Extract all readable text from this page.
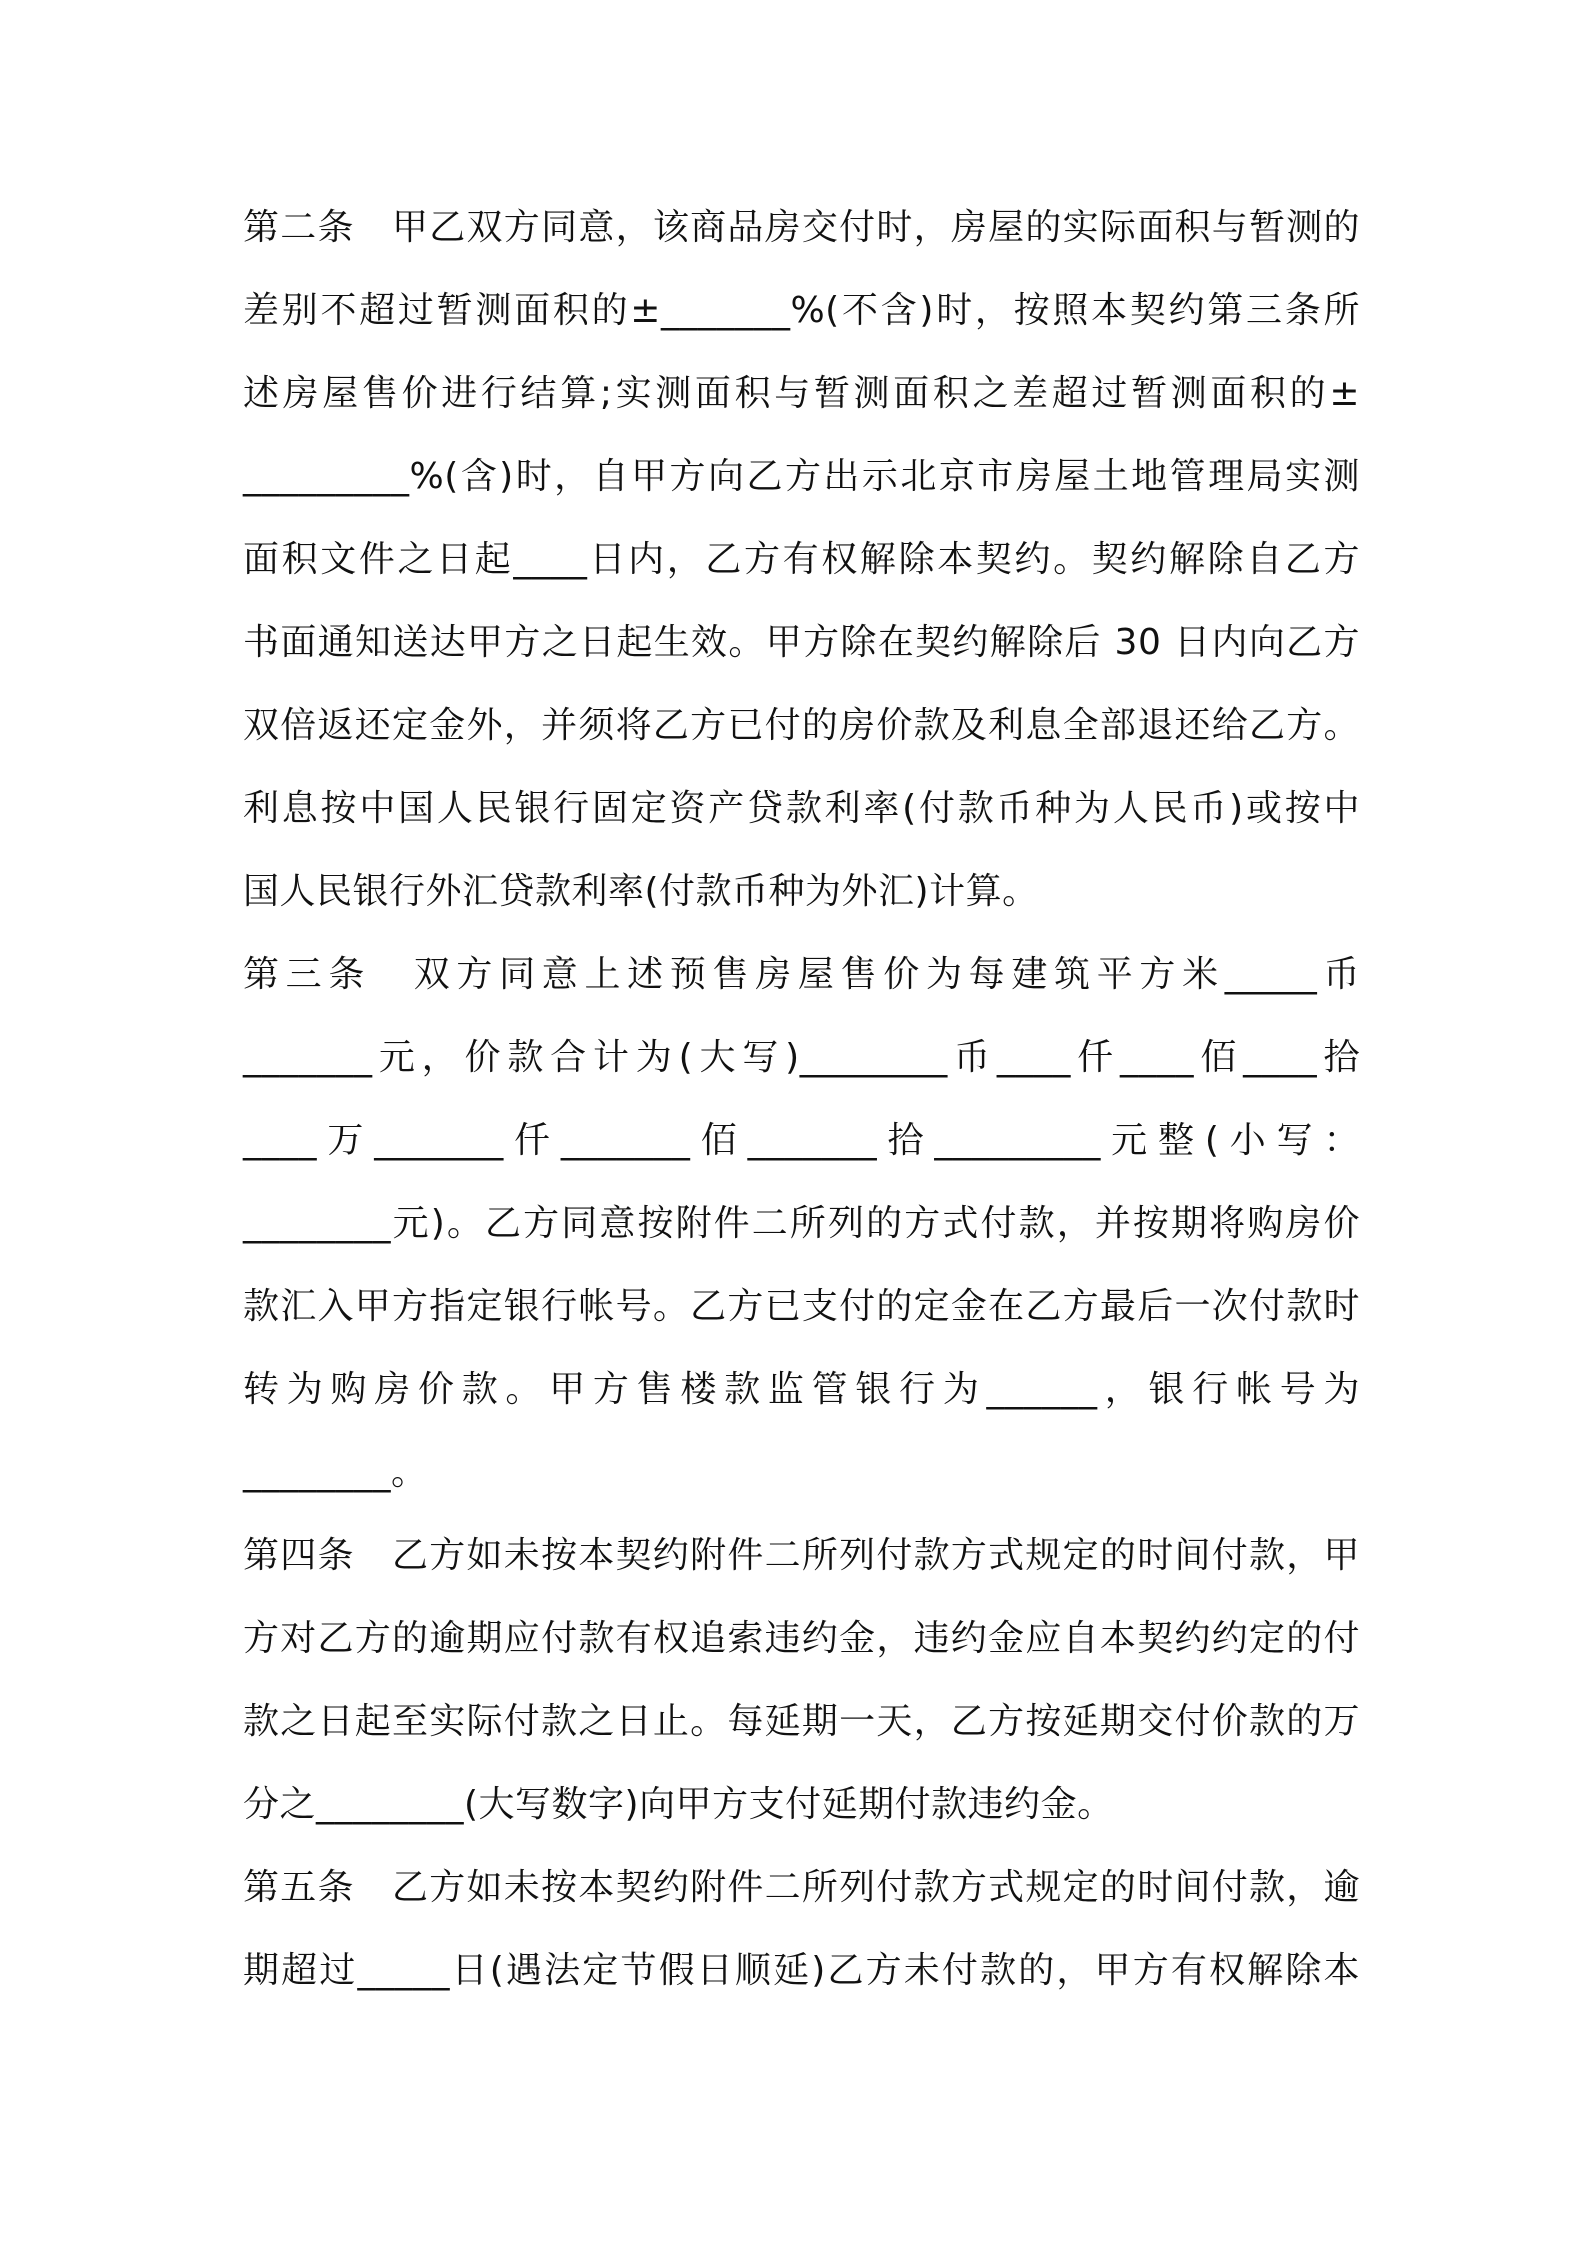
第二条　甲乙双方同意，该商品房交付时，房屋的实际面积与暂测的
差别不超过暂测面积的±_______%(不含)时，按照本契约第三条所
述房屋售价进行结算;实测面积与暂测面积之差超过暂测面积的±
_________%(含)时，自甲方向乙方出示北京市房屋土地管理局实测
面积文件之日起____日内，乙方有权解除本契约。契约解除自乙方
书面通知送达甲方之日起生效。甲方除在契约解除后 30 日内向乙方
双倍返还定金外，并须将乙方已付的房价款及利息全部退还给乙方。
利息按中国人民银行固定资产贷款利率(付款币种为人民币)或按中
国人民银行外汇贷款利率(付款币种为外汇)计算。
第三条　双方同意上述预售房屋售价为每建筑平方米_____币
_______元，价款合计为(大写)________币____仟____佰____拾
____万_______仟_______佰_______拾_________元整(小写：
________元)。乙方同意按附件二所列的方式付款，并按期将购房价
款汇入甲方指定银行帐号。乙方已支付的定金在乙方最后一次付款时
转为购房价款。甲方售楼款监管银行为______，银行帐号为
________。
第四条　乙方如未按本契约附件二所列付款方式规定的时间付款，甲
方对乙方的逾期应付款有权追索违约金，违约金应自本契约约定的付
款之日起至实际付款之日止。每延期一天，乙方按延期交付价款的万
分之________(大写数字)向甲方支付延期付款违约金。
第五条　乙方如未按本契约附件二所列付款方式规定的时间付款，逾
期超过_____日(遇法定节假日顺延)乙方未付款的，甲方有权解除本
